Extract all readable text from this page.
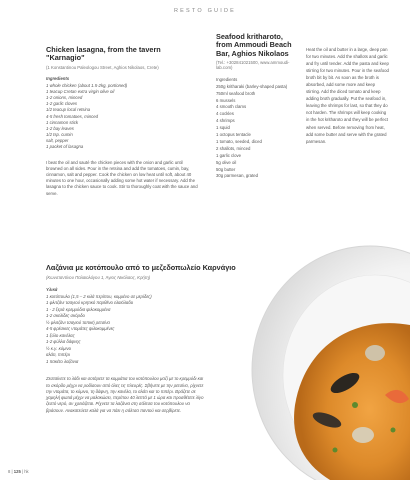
RESTO GUIDE
Chicken lasagna, from the tavern "Karnagio"

(1 Konstantinou Paleologou Street, Aghios Nikolaos, Crete)

Ingredients

1 whole chicken (about 1.5-2kg, portioned)
1 teacup Cretan extra virgin olive oil
1-2 onions, minced
1-2 garlic cloves
1/2 teacup local retsina
4-5 fresh tomatoes, minced
1 cinnamon stick
1-2 bay leaves
1/2 tsp. cumin
salt, pepper
1 packet of lasagna

I beat the oil and sauté the chicken pieces with the onion and garlic until browned on all sides. Pour in the retsina and add the tomatoes, cumin, bay, cinnamon, salt and pepper. Cook the chicken on low heat until soft, about 40 minutes to one hour, occasionally adding some hot water if necessary. Add the lasagna to the chicken sauce to cook. Stir to thoroughly coat with the sauce and serve.

Seafood kritharoto, from Ammoudi Beach Bar, Aghios Nikolaos

(Tel.: +302841021500, www.ammoudi-lab.com)

Ingredients

250g kritharaki (barley-shaped pasta)
750ml seafood broth
6 mussels
4 smooth clams
4 cockles
4 shrimps
1 squid
1 octopus tentacle
1 tomato, seeded, diced
2 shallots, minced
1 garlic clove
5g olive oil
50g butter
30g parmesan, grated

Heat the oil and butter in a large, deep pan for two minutes. Add the shallots and garlic and fry until tender. Add the pasta and keep stirring for two minutes. Pour in the seafood broth bit by bit. As soon as the broth is absorbed, add some more and keep stirring. Add the diced tomato and keep adding broth gradually. Put the seafood in, leaving the shrimps for last, so that they do not harden. The shrimps will keep cooking in the hot kritharoto and they will be perfect when served. Before removing from heat, add some butter and serve with the grated parmesan.

Λαζάνια με κοτόπουλο από το μεζεδοπωλείο Καρνάγιο

(Κωνσταντίνου Παλαιολόγου 1, Άγιος Νικόλαος, Κρήτη)

Υλικά

1 κοτόπουλο (1,5 – 2 κιλά περίπου, κομμένο σε μερίδες)
1 φλιτζάνι τσαγιού κρητικό παρθένο ελαιόλαδο
1 - 2 ξερά κρεμμύδια ψιλοκομμένα
1-2 σκελίδες σκόρδο
½ φλιτζάνι τσαγιού τοπική ρετσίνα
4-5 φρέσκιες ντομάτες ψιλοκομμένες
1 ξύλο κανέλας
1-2 φύλλα δάφνης
½ κ.γ. κύμινο
αλάτι, πιπέρι
1 πακέτο λαζάνια

Ζεσταίνετε το λάδι και σοτάρετε τα κομμάτια του κοτόπουλου μαζί με το κρεμμύδι και το σκόρδο μέχρι να ροδίσουν από όλες τις πλευρές. Σβήνετε με την ρετσίνα, ρίχνετε την ντομάτα, το κύμινο, τη δάφνη, την κανέλα, το αλάτι και το πιπέρι. Βράζετε σε χαμηλή φωτιά μέχρι να μαλακώσει, περίπου 40 λεπτά με 1 ώρα και προσθέτετε λίγο ζεστό νερό, αν χρειάζεται. Ρίχνετε τα λαζάνια στη σάλτσα του κοτόπουλου να βράσουν. Ανακατεύετε καλά για να πάει η σάλτσα παντού και σερβίρετε.

8 | 125 | hk
